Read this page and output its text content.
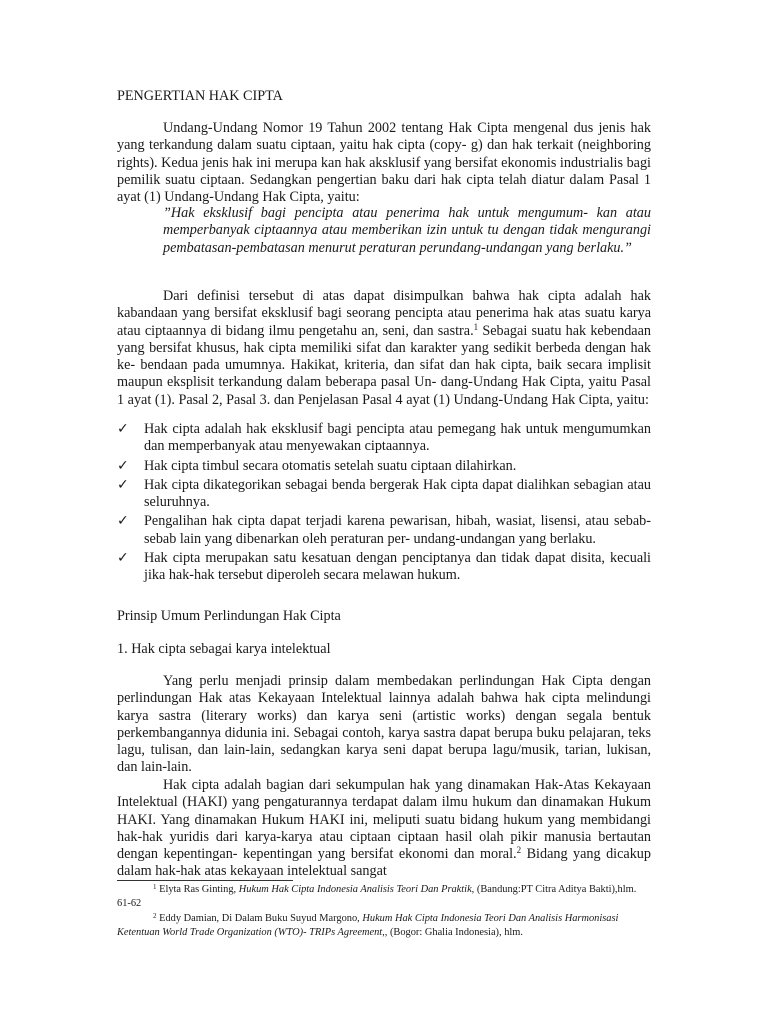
PENGERTIAN HAK CIPTA

Undang-Undang Nomor 19 Tahun 2002 tentang Hak Cipta mengenal dus jenis hak yang terkandung dalam suatu ciptaan, yaitu hak cipta (copy- g) dan hak terkait (neighboring rights). Kedua jenis hak ini merupa kan hak aksklusif yang bersifat ekonomis industrialis bagi pemilik suatu ciptaan. Sedangkan pengertian baku dari hak cipta telah diatur dalam Pasal 1 ayat (1) Undang-Undang Hak Cipta, yaitu:

”Hak eksklusif bagi pencipta atau penerima hak untuk mengumum- kan atau memperbanyak ciptaannya atau memberikan izin untuk tu dengan tidak mengurangi pembatasan-pembatasan menurut peraturan perundang-undangan yang berlaku.”

Dari definisi tersebut di atas dapat disimpulkan bahwa hak cipta adalah hak kabandaan yang bersifat eksklusif bagi seorang pencipta atau penerima hak atas suatu karya atau ciptaannya di bidang ilmu pengetahu an, seni, dan sastra.$^1$ Sebagai suatu hak kebendaan yang bersifat khusus, hak cipta memiliki sifat dan karakter yang sedikit berbeda dengan hak ke- bendaan pada umumnya. Hakikat, kriteria, dan sifat dan hak cipta, baik secara implisit maupun eksplisit terkandung dalam beberapa pasal Un- dang-Undang Hak Cipta, yaitu Pasal 1 ayat (1). Pasal 2, Pasal 3. dan Penjelasan Pasal 4 ayat (1) Undang-Undang Hak Cipta, yaitu:

✓ Hak cipta adalah hak eksklusif bagi pencipta atau pemegang hak untuk mengumumkan dan memperbanyak atau menyewakan ciptaannya.
✓ Hak cipta timbul secara otomatis setelah suatu ciptaan dilahirkan.
✓ Hak cipta dikategorikan sebagai benda bergerak Hak cipta dapat dialihkan sebagian atau seluruhnya.
✓ Pengalihan hak cipta dapat terjadi karena pewarisan, hibah, wasiat, lisensi, atau sebab-sebab lain yang dibenarkan oleh peraturan per- undang-undangan yang berlaku.
✓ Hak cipta merupakan satu kesatuan dengan penciptanya dan tidak dapat disita, kecuali jika hak-hak tersebut diperoleh secara melawan hukum.
Prinsip Umum Perlindungan Hak Cipta
1. Hak cipta sebagai karya intelektual

Yang perlu menjadi prinsip dalam membedakan perlindungan Hak Cipta dengan perlindungan Hak atas Kekayaan Intelektual lainnya adalah bahwa hak cipta melindungi karya sastra (literary works) dan karya seni (artistic works) dengan segala bentuk perkembangannya didunia ini. Sebagai contoh, karya sastra dapat berupa buku pelajaran, teks lagu, tulisan, dan lain-lain, sedangkan karya seni dapat berupa lagu/musik, tarian, lukisan, dan lain-lain.

Hak cipta adalah bagian dari sekumpulan hak yang dinamakan Hak-Atas Kekayaan Intelektual (HAKI) yang pengaturannya terdapat dalam ilmu hukum dan dinamakan Hukum HAKI. Yang dinamakan Hukum HAKI ini, meliputi suatu bidang hukum yang membidangi hak-hak yuridis dari karya-karya atau ciptaan ciptaan hasil olah pikir manusia bertautan dengan kepentingan- kepentingan yang bersifat ekonomi dan moral.$^2$ Bidang yang dicakup dalam hak-hak atas kekayaan intelektual sangat

$^1$ Elyta Ras Ginting, Hukum Hak Cipta Indonesia Analisis Teori Dan Praktik, (Bandung:PT Citra Aditya Bakti),hlm. 61-62

$^2$ Eddy Damian, Di Dalam Buku Suyud Margono, Hukum Hak Cipta Indonesia Teori Dan Analisis Harmonisasi Ketentuan World Trade Organization (WTO)- TRIPs Agreement,, (Bogor: Ghalia Indonesia), hlm.
